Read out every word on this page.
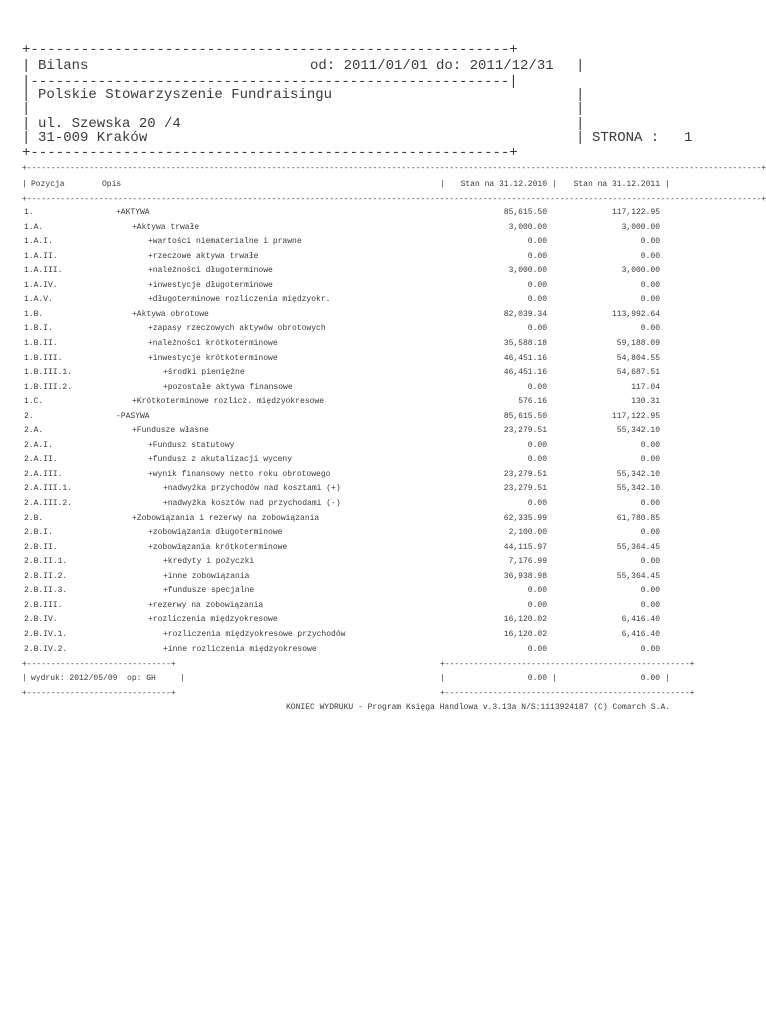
+---------------------------------------------------------+
| Bilans	od: 2011/01/01 do: 2011/12/31 |
|---------------------------------------------------------|
| Polskie Stowarzyszenie Fundraisingu	|
|	|
| ul. Szewska 20 /4	|
| 31-009 Kraków	| STRONA : 1
+---------------------------------------------------------+
+---------------------------------------------------------------------------------------------------------------------------------------------------------+
| Pozycja	Opis	|	Stan na 31.12.2010 |	Stan na 31.12.2011 |
+---------------------------------------------------------------------------------------------------------------------------------------------------------+
1.	+AKTYWA	85,615.50	117,122.95
1.A.	+Aktywa trwałe	3,000.00	3,000.00
1.A.I.	+wartości niematerialne i prawne	0.00	0.00
1.A.II.	+rzeczowe aktywa trwałe	0.00	0.00
1.A.III.	+należności długoterminowe	3,000.00	3,000.00
1.A.IV.	+inwestycje długoterminowe	0.00	0.00
1.A.V.	+długoterminowe rozliczenia międzyokr.	0.00	0.00
1.B.	+Aktywa obrotowe	82,039.34	113,992.64
1.B.I.	+zapasy rzeczowych aktywów obrotowych	0.00	0.00
1.B.II.	+należności krótkoterminowe	35,588.18	59,188.09
1.B.III.	+inwestycje krótkoterminowe	46,451.16	54,804.55
1.B.III.1.	+środki pieniężne	46,451.16	54,687.51
1.B.III.2.	+pozostałe aktywa finansowe	0.00	117.04
1.C.	+Krótkoterminowe rozlicz. międzyokresowe	576.16	130.31
2.	-PASYWA	85,615.50	117,122.95
2.A.	+Fundusze własne	23,279.51	55,342.10
2.A.I.	+Fundusz statutowy	0.00	0.00
2.A.II.	+fundusz z akutalizacji wyceny	0.00	0.00
2.A.III.	+wynik finansowy netto roku obrotowego	23,279.51	55,342.10
2.A.III.1.	+nadwyżka przychodów nad kosztami (+)	23,279.51	55,342.10
2.A.III.2.	+nadwyżka kosztów nad przychodami (-)	0.00	0.00
2.B.	+Zobowiązania i rezerwy na zobowiązania	62,335.99	61,780.85
2.B.I.	+zobowiązania długoterminowe	2,100.00	0.00
2.B.II.	+zobowiązania krótkoterminowe	44,115.97	55,364.45
2.B.II.1.	+kredyty i pożyczki	7,176.99	0.00
2.B.II.2.	+inne zobowiązania	36,938.98	55,364.45
2.B.II.3.	+fundusze specjalne	0.00	0.00
2.B.III.	+rezerwy na zobowiązania	0.00	0.00
2.B.IV.	+rozliczenia międzyokresowe	16,120.02	6,416.40
2.B.IV.1.	+rozliczenia międzyokresowe przychodów	16,120.02	6,416.40
2.B.IV.2.	+inne rozliczenia międzyokresowe	0.00	0.00
+------------------------------+	+---------------------------------------------------+
| wydruk: 2012/05/09  op: GH	|	|	0.00 |	0.00 |
+------------------------------+	+---------------------------------------------------+
KONIEC WYDRUKU - Program Księga Handlowa v.3.13a N/S:1113924187 (C) Comarch S.A.
